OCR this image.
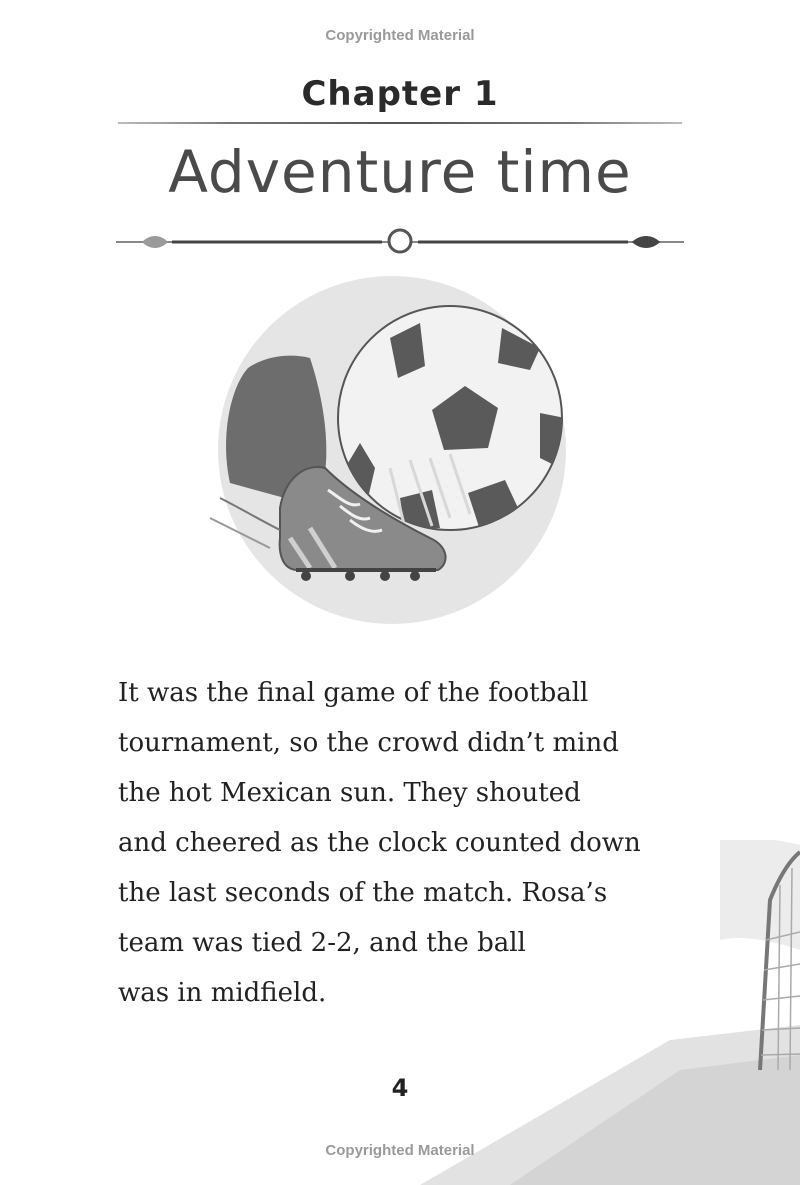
Copyrighted Material
Chapter 1
Adventure time

It was the final game of the football
tournament, so the crowd didn’t mind
the hot Mexican sun. They shouted
and cheered as the clock counted down
the last seconds of the match. Rosa’s
team was tied 2-2, and the ball
was in midfield.

4
Copyrighted Material
